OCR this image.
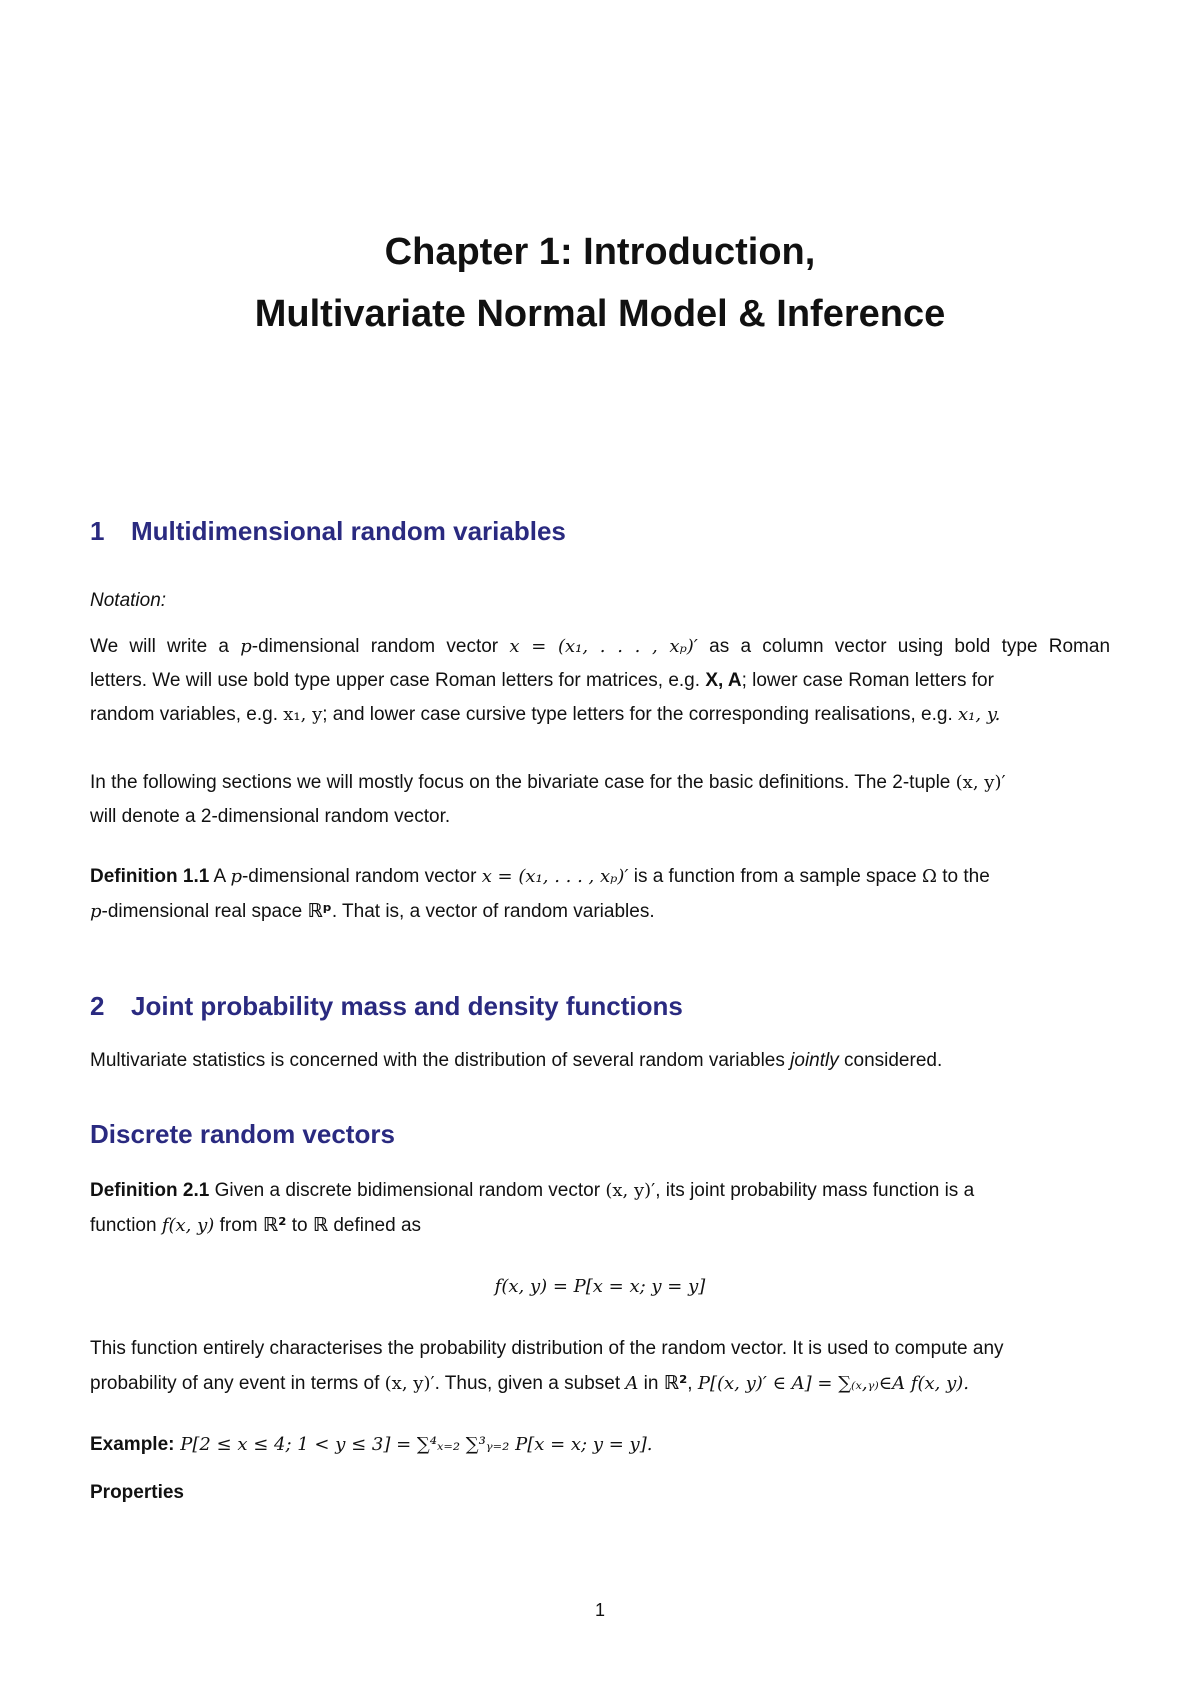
Chapter 1: Introduction,
Multivariate Normal Model & Inference
1 Multidimensional random variables
Notation:
We will write a p-dimensional random vector x = (x₁, . . . , xₚ)′ as a column vector using bold type Roman
letters. We will use bold type upper case Roman letters for matrices, e.g. X, A; lower case Roman letters for
random variables, e.g. x₁, y; and lower case cursive type letters for the corresponding realisations, e.g. x₁, y.
In the following sections we will mostly focus on the bivariate case for the basic definitions. The 2-tuple (x, y)′
will denote a 2-dimensional random vector.
Definition 1.1 A p-dimensional random vector x = (x₁, . . . , xₚ)′ is a function from a sample space Ω to the
p-dimensional real space ℝᵖ. That is, a vector of random variables.
2 Joint probability mass and density functions
Multivariate statistics is concerned with the distribution of several random variables jointly considered.
Discrete random vectors
Definition 2.1 Given a discrete bidimensional random vector (x, y)′, its joint probability mass function is a
function f(x, y) from ℝ² to ℝ defined as
f(x, y) = P[x = x; y = y]
This function entirely characterises the probability distribution of the random vector. It is used to compute any
probability of any event in terms of (x, y)′. Thus, given a subset A in ℝ², P[(x, y)′ ∈ A] = ∑₍ₓ,ᵧ₎∈A f(x, y).
Example: P[2 ≤ x ≤ 4; 1 < y ≤ 3] = ∑⁴ₓ₌₂ ∑³ᵧ₌₂ P[x = x; y = y].
Properties
1
